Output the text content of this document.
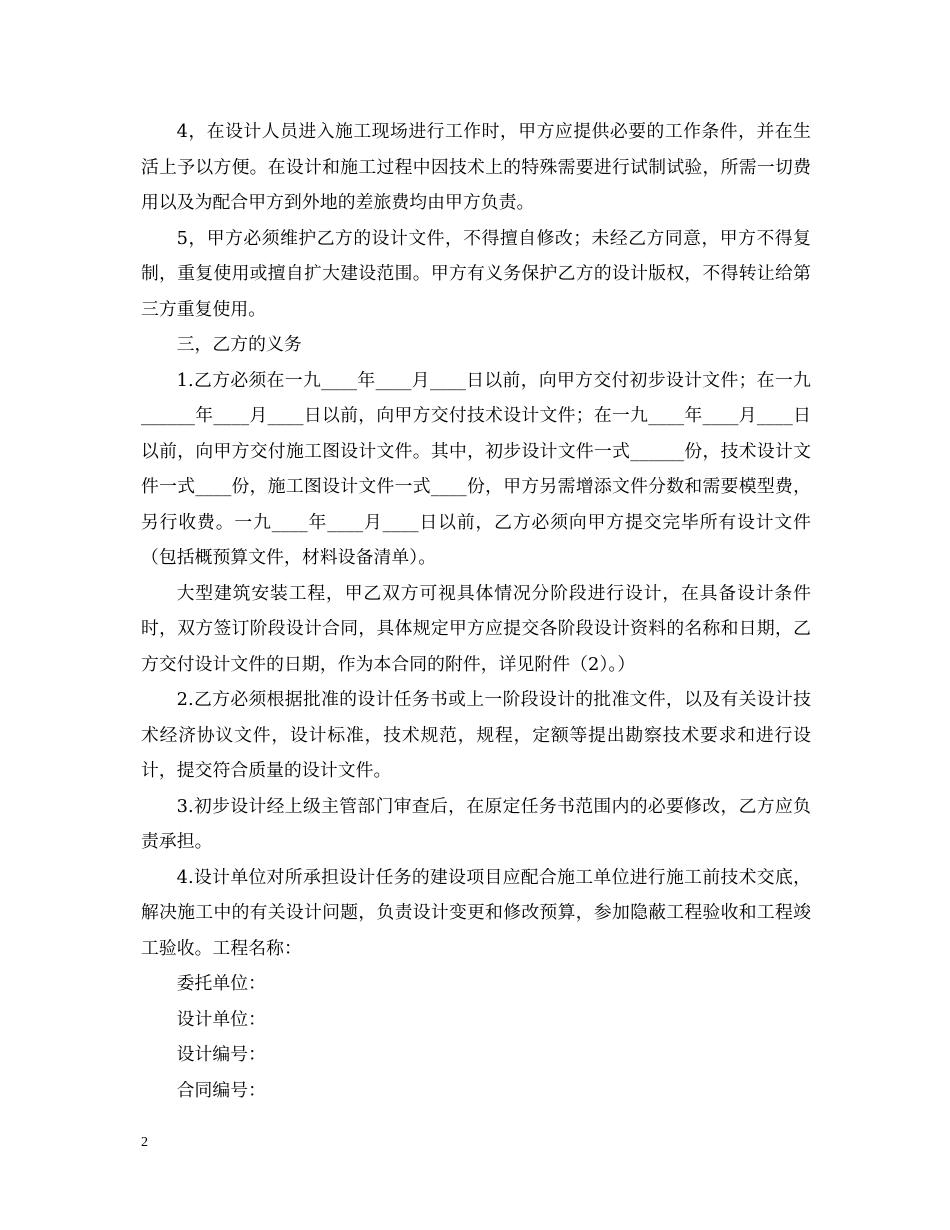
4，在设计人员进入施工现场进行工作时，甲方应提供必要的工作条件，并在生活上予以方便。在设计和施工过程中因技术上的特殊需要进行试制试验，所需一切费用以及为配合甲方到外地的差旅费均由甲方负责。

5，甲方必须维护乙方的设计文件，不得擅自修改；未经乙方同意，甲方不得复制，重复使用或擅自扩大建设范围。甲方有义务保护乙方的设计版权，不得转让给第三方重复使用。

三，乙方的义务

1.乙方必须在一九____年____月____日以前，向甲方交付初步设计文件；在一九______年____月____日以前，向甲方交付技术设计文件；在一九____年____月____日以前，向甲方交付施工图设计文件。其中，初步设计文件一式______份，技术设计文件一式____份，施工图设计文件一式____份，甲方另需增添文件分数和需要模型费，另行收费。一九____年____月____日以前，乙方必须向甲方提交完毕所有设计文件（包括概预算文件，材料设备清单）。

大型建筑安装工程，甲乙双方可视具体情况分阶段进行设计，在具备设计条件时，双方签订阶段设计合同，具体规定甲方应提交各阶段设计资料的名称和日期，乙方交付设计文件的日期，作为本合同的附件，详见附件（2）。）

2.乙方必须根据批准的设计任务书或上一阶段设计的批准文件，以及有关设计技术经济协议文件，设计标准，技术规范，规程，定额等提出勘察技术要求和进行设计，提交符合质量的设计文件。

3.初步设计经上级主管部门审查后，在原定任务书范围内的必要修改，乙方应负责承担。

4.设计单位对所承担设计任务的建设项目应配合施工单位进行施工前技术交底，解决施工中的有关设计问题，负责设计变更和修改预算，参加隐蔽工程验收和工程竣工验收。工程名称：

委托单位：

设计单位：

设计编号：

合同编号：

2
